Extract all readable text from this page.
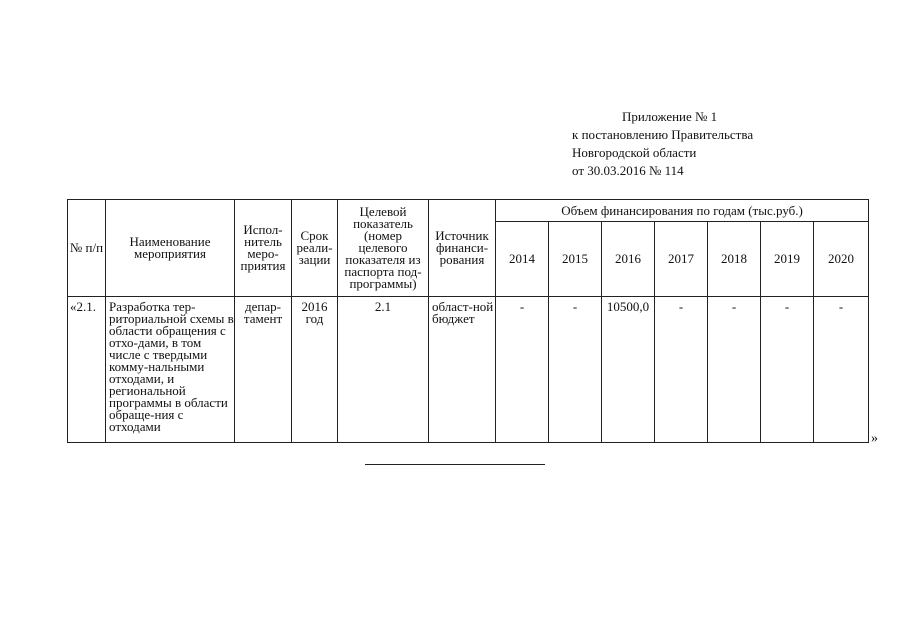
Приложение № 1
к постановлению Правительства
Новгородской области
от 30.03.2016 № 114
№ п/п	Наименование мероприятия	Испол-нитель меро-приятия	Срок реали-зации	Целевой показатель (номер целевого показателя из паспорта под-программы)	Источник финанси-рования	Объем финансирования по годам (тыс.руб.)						
						2014	2015	2016	2017	2018	2019	2020
«2.1.	Разработка тер-риториальной схемы в области обращения с отхо-дами, в том числе с твердыми комму-нальными отходами, и региональной программы в области обраще-ния с отходами	депар-тамент	2016 год	2.1	област-ной бюджет	-	-	10500,0	-	-	-	-
»
